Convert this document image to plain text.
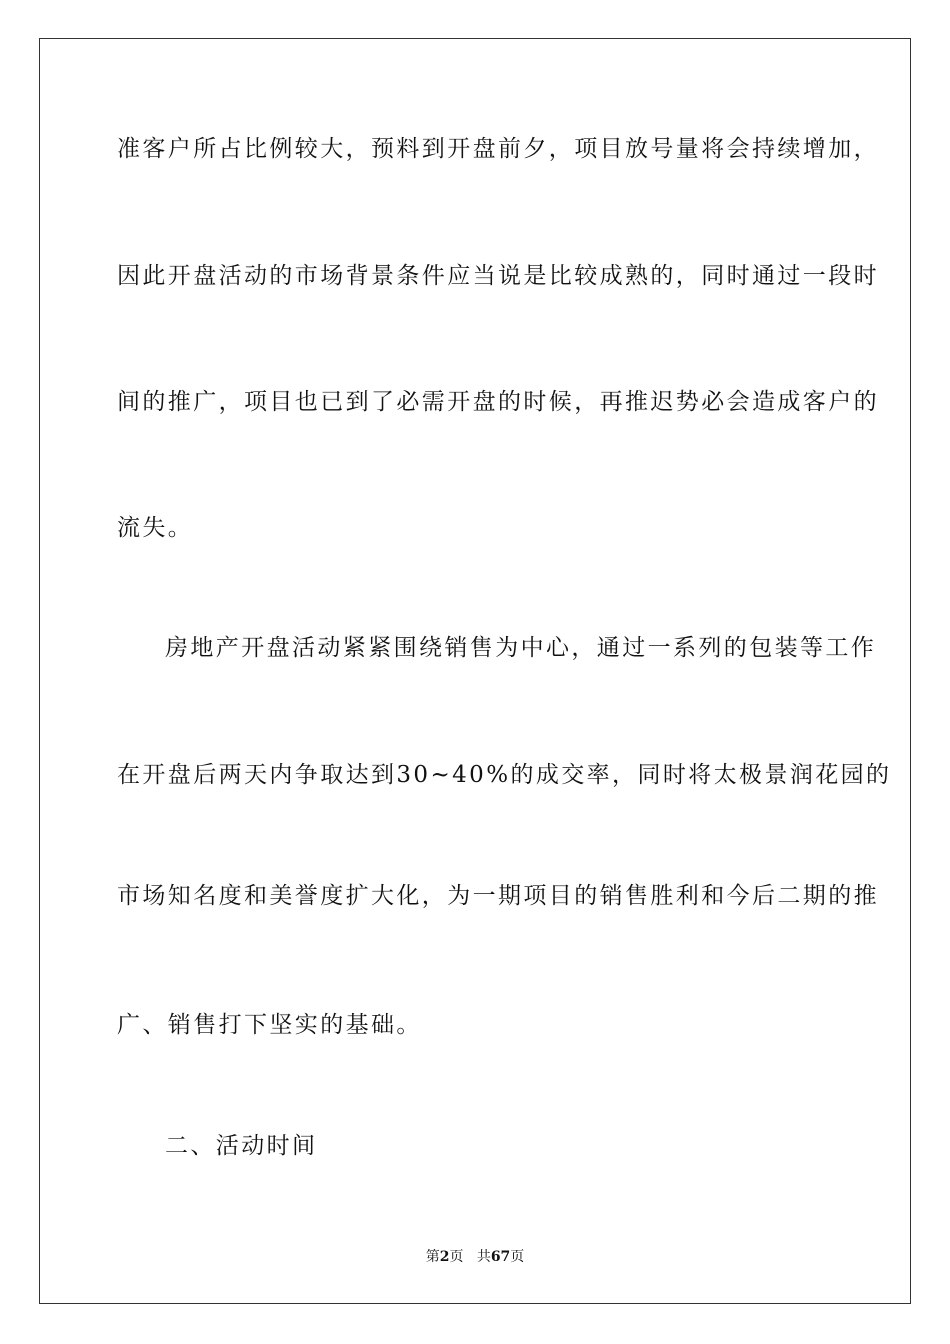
准客户所占比例较大，预料到开盘前夕，项目放号量将会持续增加，
因此开盘活动的市场背景条件应当说是比较成熟的，同时通过一段时
间的推广，项目也已到了必需开盘的时候，再推迟势必会造成客户的
流失。
房地产开盘活动紧紧围绕销售为中心，通过一系列的包装等工作
在开盘后两天内争取达到30~40%的成交率，同时将太极景润花园的
市场知名度和美誉度扩大化，为一期项目的销售胜利和今后二期的推
广、销售打下坚实的基础。
二、活动时间
第2页 共67页
